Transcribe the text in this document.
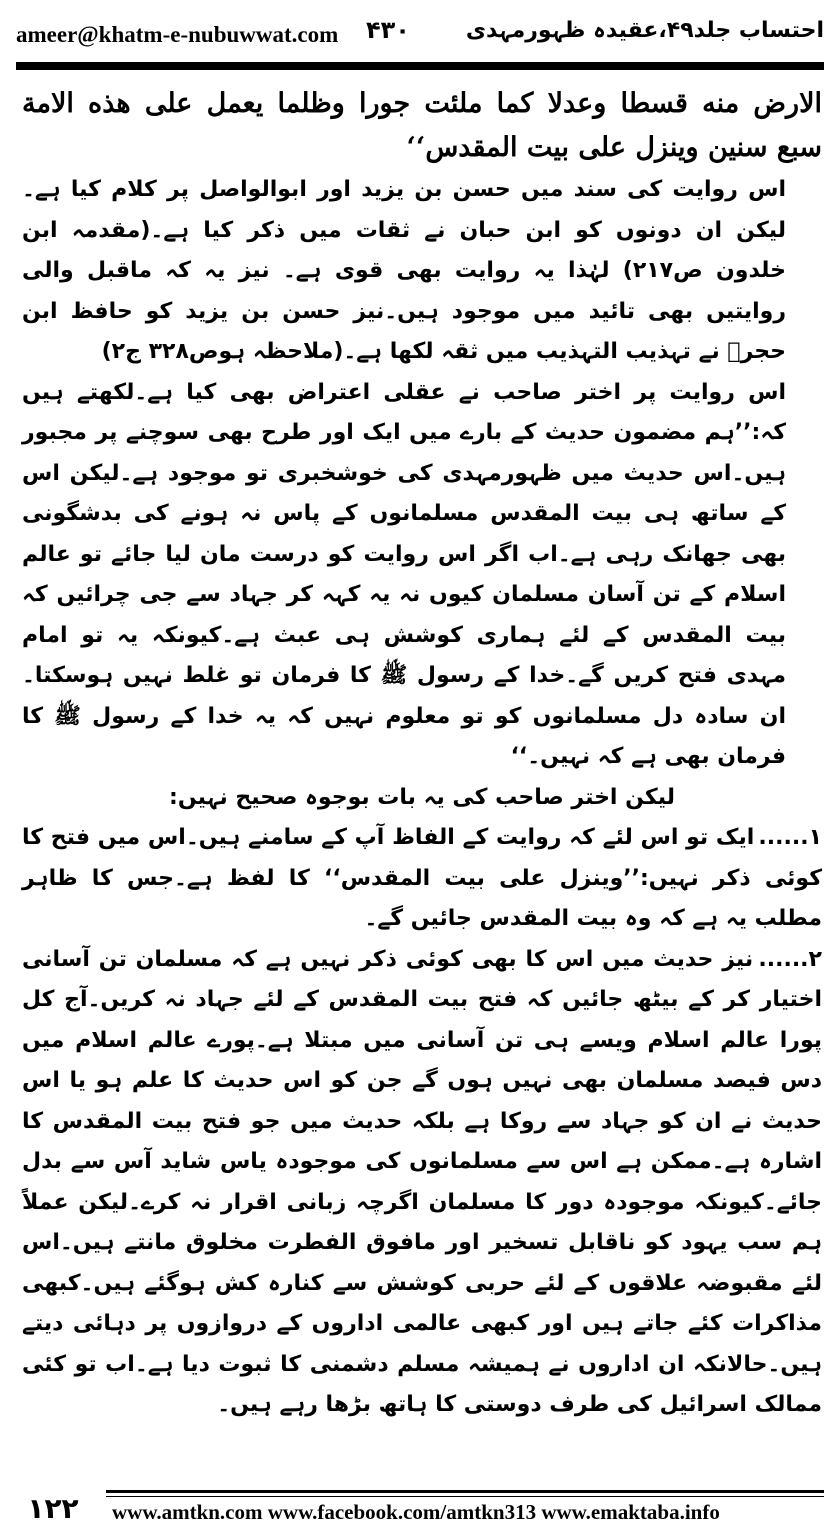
ameer@khatm-e-nubuwwat.com ۴۳۰	احتساب جلد۴۹،عقیدہ ظہورمہدی

الارض منه قسطا وعدلا كما ملئت جورا وظلما يعمل على هذه الامة سبع سنين وينزل على بيت المقدس‘‘

اس روایت کی سند میں حسن بن یزید اور ابوالواصل پر کلام کیا ہے۔لیکن ان دونوں کو ابن حبان نے ثقات میں ذکر کیا ہے۔(مقدمہ ابن خلدون ص۲۱۷) لہٰذا یہ روایت بھی قوی ہے۔ نیز یہ کہ ماقبل والی روایتیں بھی تائید میں موجود ہیں۔نیز حسن بن یزید کو حافظ ابن حجرؒ نے تہذیب التہذیب میں ثقہ لکھا ہے۔(ملاحظہ ہوص۳۲۸ ج۲)

اس روایت پر اختر صاحب نے عقلی اعتراض بھی کیا ہے۔لکھتے ہیں کہ:’’ہم مضمون حدیث کے بارے میں ایک اور طرح بھی سوچنے پر مجبور ہیں۔اس حدیث میں ظہورمہدی کی خوشخبری تو موجود ہے۔لیکن اس کے ساتھ ہی بیت المقدس مسلمانوں کے پاس نہ ہونے کی بدشگونی بھی جھانک رہی ہے۔اب اگر اس روایت کو درست مان لیا جائے تو عالم اسلام کے تن آسان مسلمان کیوں نہ یہ کہہ کر جہاد سے جی چرائیں کہ بیت المقدس کے لئے ہماری کوشش ہی عبث ہے۔کیونکہ یہ تو امام مہدی فتح کریں گے۔خدا کے رسول ﷺ کا فرمان تو غلط نہیں ہوسکتا۔ان سادہ دل مسلمانوں کو تو معلوم نہیں کہ یہ خدا کے رسول ﷺ کا فرمان بھی ہے کہ نہیں۔‘‘

لیکن اختر صاحب کی یہ بات بوجوہ صحیح نہیں:

۱...... ایک تو اس لئے کہ روایت کے الفاظ آپ کے سامنے ہیں۔اس میں فتح کا کوئی ذکر نہیں:’’وینزل علی بیت المقدس‘‘ کا لفظ ہے۔جس کا ظاہر مطلب یہ ہے کہ وہ بیت المقدس جائیں گے۔

۲...... نیز حدیث میں اس کا بھی کوئی ذکر نہیں ہے کہ مسلمان تن آسانی اختیار کر کے بیٹھ جائیں کہ فتح بیت المقدس کے لئے جہاد نہ کریں۔آج کل پورا عالم اسلام ویسے ہی تن آسانی میں مبتلا ہے۔پورے عالم اسلام میں دس فیصد مسلمان بھی نہیں ہوں گے جن کو اس حدیث کا علم ہو یا اس حدیث نے ان کو جہاد سے روکا ہے بلکہ حدیث میں جو فتح بیت المقدس کا اشارہ ہے۔ممکن ہے اس سے مسلمانوں کی موجودہ یاس شاید آس سے بدل جائے۔کیونکہ موجودہ دور کا مسلمان اگرچہ زبانی اقرار نہ کرے۔لیکن عملاً ہم سب یہود کو ناقابل تسخیر اور مافوق الفطرت مخلوق مانتے ہیں۔اس لئے مقبوضہ علاقوں کے لئے حربی کوشش سے کنارہ کش ہوگئے ہیں۔کبھی مذاکرات کئے جاتے ہیں اور کبھی عالمی اداروں کے دروازوں پر دہائی دیتے ہیں۔حالانکہ ان اداروں نے ہمیشہ مسلم دشمنی کا ثبوت دیا ہے۔اب تو کئی ممالک اسرائیل کی طرف دوستی کا ہاتھ بڑھا رہے ہیں۔

۱۲۲	www.amtkn.com www.facebook.com/amtkn313 www.emaktaba.info
